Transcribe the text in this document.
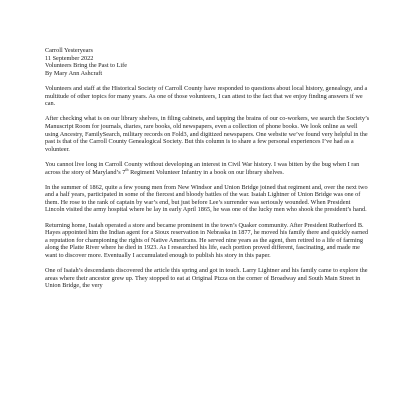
Carroll Yesteryears
11 September 2022
Volunteers Bring the Past to Life
By Mary Ann Ashcraft

Volunteers and staff at the Historical Society of Carroll County have responded to questions about local history, genealogy, and a multitude of other topics for many years. As one of those volunteers, I can attest to the fact that we enjoy finding answers if we can.

After checking what is on our library shelves, in filing cabinets, and tapping the brains of our co-workers, we search the Society’s Manuscript Room for journals, diaries, rare books, old newspapers, even a collection of phone books. We look online as well using Ancestry, FamilySearch, military records on Fold3, and digitized newspapers. One website we’ve found very helpful in the past is that of the Carroll County Genealogical Society. But this column is to share a few personal experiences I’ve had as a volunteer.

You cannot live long in Carroll County without developing an interest in Civil War history. I was bitten by the bug when I ran across the story of Maryland’s 7th Regiment Volunteer Infantry in a book on our library shelves.

In the summer of 1862, quite a few young men from New Windsor and Union Bridge joined that regiment and, over the next two and a half years, participated in some of the fiercest and bloody battles of the war. Isaiah Lightner of Union Bridge was one of them. He rose to the rank of captain by war’s end, but just before Lee’s surrender was seriously wounded. When President Lincoln visited the army hospital where he lay in early April 1865, he was one of the lucky men who shook the president’s hand.

Returning home, Isaiah operated a store and became prominent in the town’s Quaker community. After President Rutherford B. Hayes appointed him the Indian agent for a Sioux reservation in Nebraska in 1877, he moved his family there and quickly earned a reputation for championing the rights of Native Americans. He served nine years as the agent, then retired to a life of farming along the Platte River where he died in 1923. As I researched his life, each portion proved different, fascinating, and made me want to discover more. Eventually I accumulated enough to publish his story in this paper.

One of Isaiah’s descendants discovered the article this spring and got in touch. Larry Lightner and his family came to explore the areas where their ancestor grew up. They stopped to eat at Original Pizza on the corner of Broadway and South Main Street in Union Bridge, the very
